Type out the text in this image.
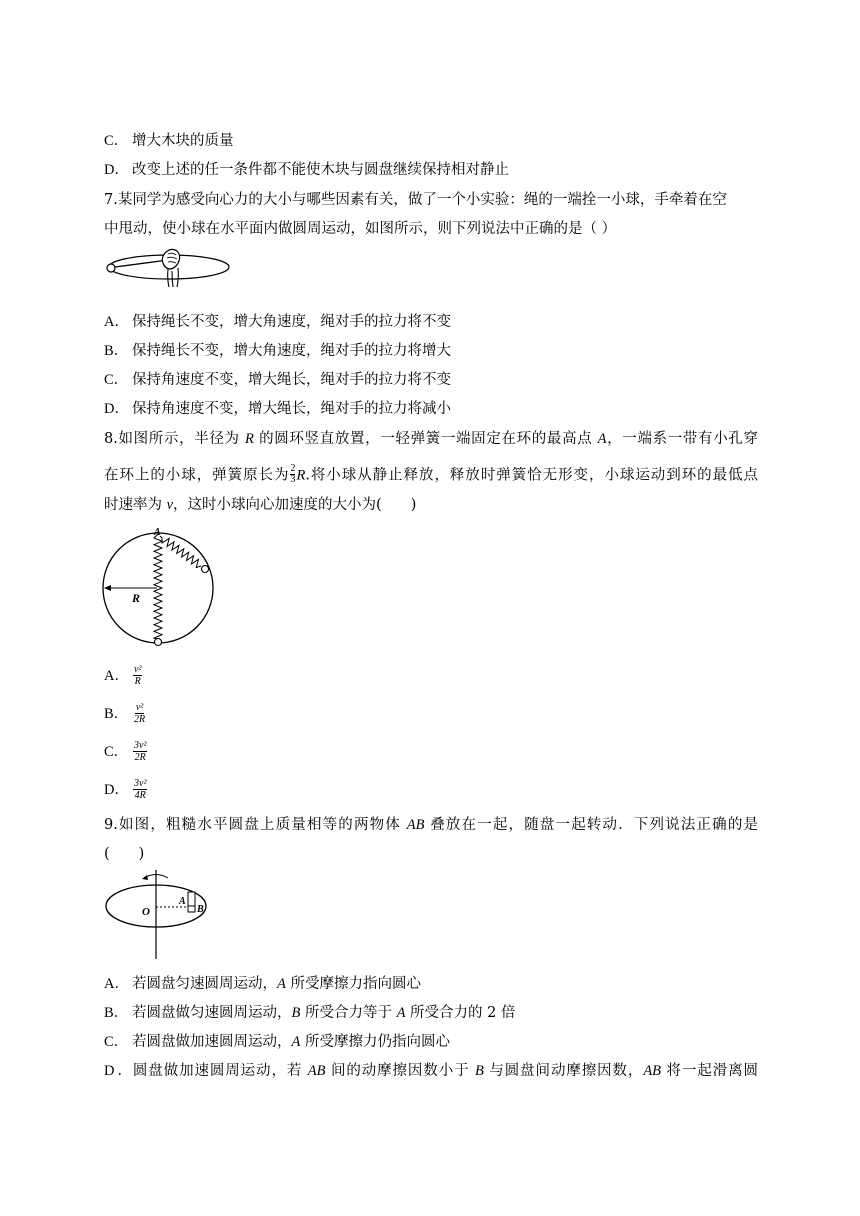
C． 增大木块的质量
D． 改变上述的任一条件都不能使木块与圆盘继续保持相对静止
7.某同学为感受向心力的大小与哪些因素有关，做了一个小实验：绳的一端拴一小球，手牵着在空
中甩动，使小球在水平面内做圆周运动，如图所示，则下列说法中正确的是（ ）
A． 保持绳长不变，增大角速度，绳对手的拉力将不变
B． 保持绳长不变，增大角速度，绳对手的拉力将增大
C． 保持角速度不变，增大绳长，绳对手的拉力将不变
D． 保持角速度不变，增大绳长，绳对手的拉力将减小
8.如图所示，半径为 R 的圆环竖直放置，一轻弹簧一端固定在环的最高点 A，一端系一带有小孔穿
在环上的小球，弹簧原长为 $\frac{2}{3} R$.将小球从静止释放，释放时弹簧恰无形变，小球运动到环的最低点
时速率为 v，这时小球向心加速度的大小为(　　)
R
A
A． $\frac{\text{v²}}{R}$
B． $\frac{\text{v²}}{2R}$
C． $\frac{\text{3v²}}{2R}$
D． $\frac{\text{3v²}}{4R}$
9.如图，粗糙水平圆盘上质量相等的两物体 AB 叠放在一起，随盘一起转动．下列说法正确的是
(　　)
O
A
B
A． 若圆盘匀速圆周运动，A 所受摩擦力指向圆心
B． 若圆盘做匀速圆周运动，B 所受合力等于 A 所受合力的 2 倍
C． 若圆盘做加速圆周运动，A 所受摩擦力仍指向圆心
D．圆盘做加速圆周运动，若 AB 间的动摩擦因数小于 B 与圆盘间动摩擦因数，AB 将一起滑离圆
